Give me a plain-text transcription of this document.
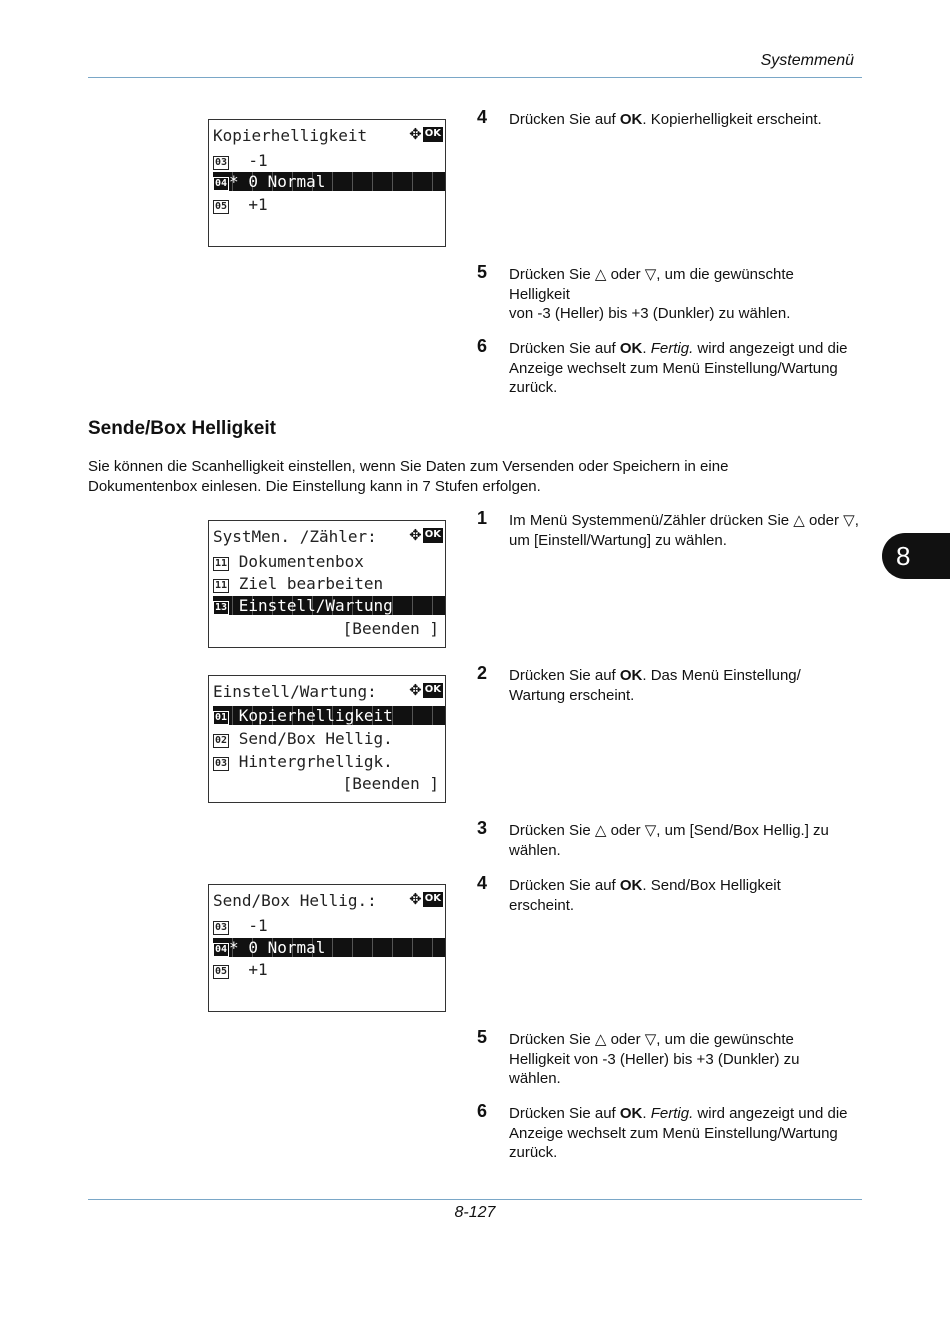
Systemmenü
Kopierhelligkeit	✥ OK
03 -1
04 * 0 Normal
05 +1
4 Drücken Sie auf OK. Kopierhelligkeit erscheint.
5 Drücken Sie △ oder ▽, um die gewünschte
Helligkeit
von -3 (Heller) bis +3 (Dunkler) zu wählen.
6 Drücken Sie auf OK. Fertig. wird angezeigt und die Anzeige wechselt zum Menü Einstellung/Wartung zurück.
Sende/Box Helligkeit
Sie können die Scanhelligkeit einstellen, wenn Sie Daten zum Versenden oder Speichern in eine Dokumentenbox einlesen. Die Einstellung kann in 7 Stufen erfolgen.
8
SystMen. /Zähler: ✥ OK
11 Dokumentenbox
11 Ziel bearbeiten
13 Einstell/Wartung
[Beenden ]
Einstell/Wartung: ✥ OK
01 Kopierhelligkeit
02 Send/Box Hellig.
03 Hintergrhelligk.
[Beenden ]
Send/Box Hellig.: ✥ OK
03 -1
04 * 0 Normal
05 +1
1 Im Menü Systemmenü/Zähler drücken Sie △ oder ▽, um [Einstell/Wartung] zu wählen.
2 Drücken Sie auf OK. Das Menü Einstellung/ Wartung erscheint.
3 Drücken Sie △ oder ▽, um [Send/Box Hellig.] zu wählen.
4 Drücken Sie auf OK. Send/Box Helligkeit erscheint.
5 Drücken Sie △ oder ▽, um die gewünschte Helligkeit von -3 (Heller) bis +3 (Dunkler) zu wählen.
6 Drücken Sie auf OK. Fertig. wird angezeigt und die Anzeige wechselt zum Menü Einstellung/Wartung zurück.
8-127
